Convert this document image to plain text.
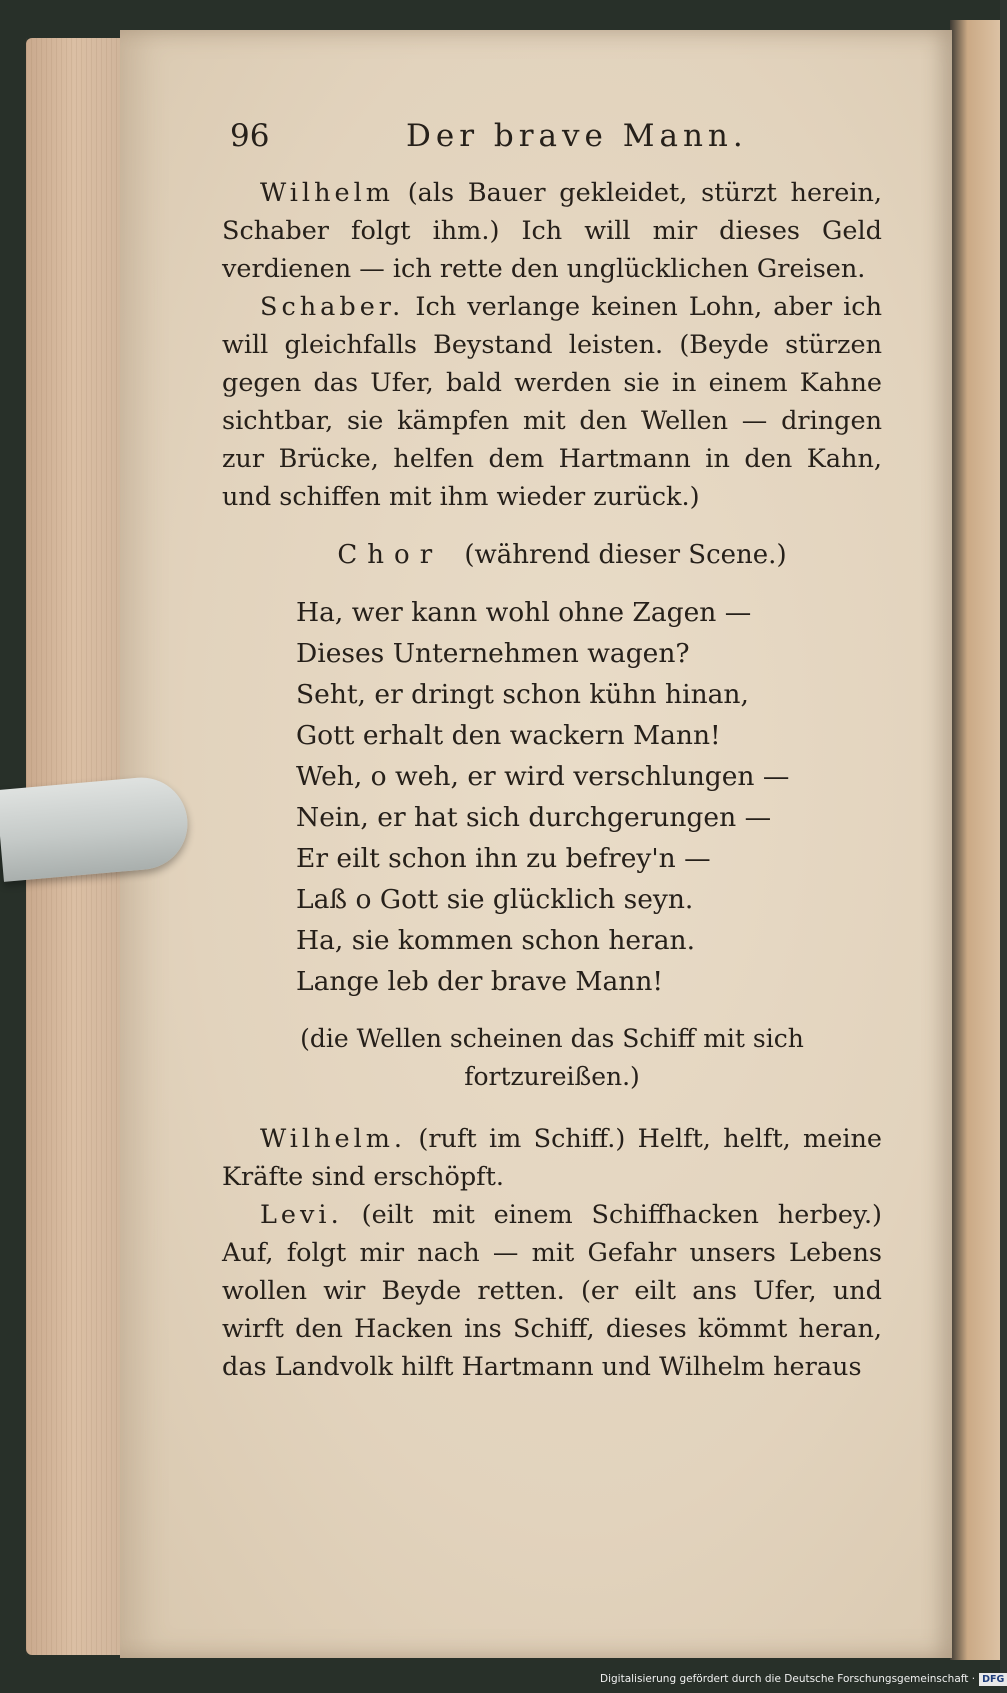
96	Der brave Mann.

Wilhelm (als Bauer gekleidet, stürzt herein, Schaber folgt ihm.) Ich will mir dieses Geld verdienen — ich rette den unglücklichen Greisen.

Schaber. Ich verlange keinen Lohn, aber ich will gleichfalls Beystand leisten. (Beyde stürzen gegen das Ufer, bald werden sie in einem Kahne sichtbar, sie kämpfen mit den Wellen — dringen zur Brücke, helfen dem Hartmann in den Kahn, und schiffen mit ihm wieder zurück.)

Chor (während dieser Scene.)
Ha, wer kann wohl ohne Zagen —
Dieses Unternehmen wagen?
Seht, er dringt schon kühn hinan,
Gott erhalt den wackern Mann!
Weh, o weh, er wird verschlungen —
Nein, er hat sich durchgerungen —
Er eilt schon ihn zu befrey'n —
Laß o Gott sie glücklich seyn.
Ha, sie kommen schon heran.
Lange leb der brave Mann!

(die Wellen scheinen das Schiff mit sich fortzureißen.)

Wilhelm. (ruft im Schiff.) Helft, helft, meine Kräfte sind erschöpft.

Levi. (eilt mit einem Schiffhacken herbey.) Auf, folgt mir nach — mit Gefahr unsers Lebens wollen wir Beyde retten. (er eilt ans Ufer, und wirft den Hacken ins Schiff, dieses kömmt heran, das Landvolk hilft Hartmann und Wilhelm heraus

Digitalisierung gefördert durch die Deutsche Forschungsgemeinschaft · DFG
